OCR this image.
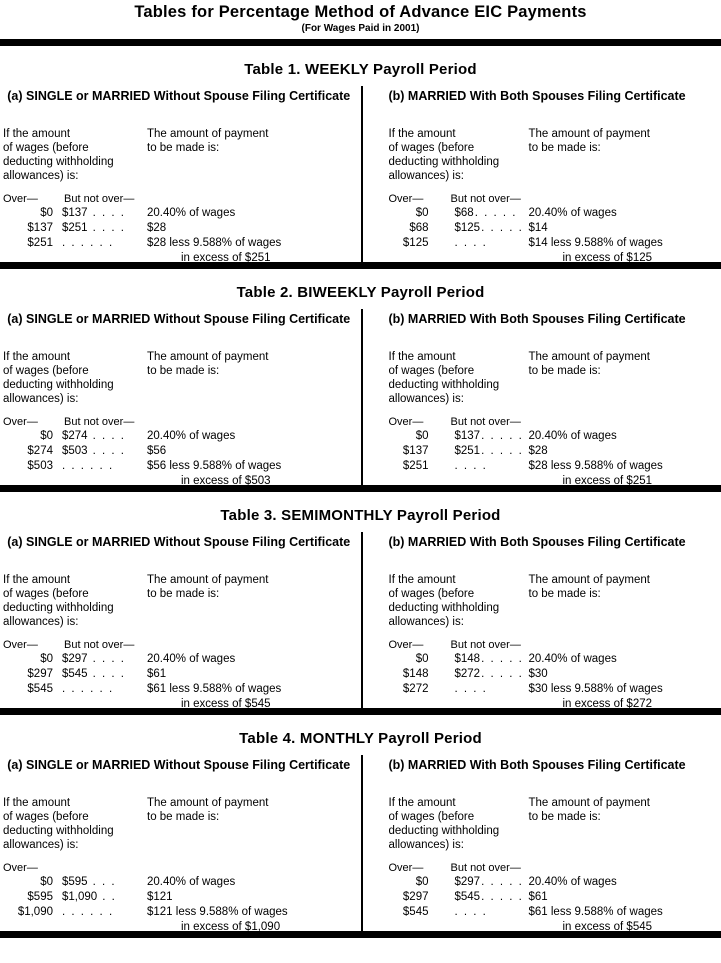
Tables for Percentage Method of Advance EIC Payments
(For Wages Paid in 2001)
Table 1. WEEKLY Payroll Period
(a) SINGLE or MARRIED Without Spouse Filing Certificate
If the amount
of wages (before
deducting withholding
allowances) is:
The amount of payment
to be made is:
Over—	But not over—
$0 $137 . . . .	20.40% of wages
$137 $251 . . . .	$28
$251 . . . . . .	$28 less 9.588% of wages
in excess of $251
(b) MARRIED With Both Spouses Filing Certificate
If the amount
of wages (before
deducting withholding
allowances) is:
The amount of payment
to be made is:
Over—	But not over—
$0 $68. . . . .	20.40% of wages
$68 $125. . . . . $14
$125 . . . .	$14 less 9.588% of wages
in excess of $125
Table 2. BIWEEKLY Payroll Period
(a) SINGLE or MARRIED Without Spouse Filing Certificate
If the amount
of wages (before
deducting withholding
allowances) is:
The amount of payment
to be made is:
Over—	But not over—
$0 $274 . . . .	20.40% of wages
$274 $503 . . . .	$56
$503 . . . . . .	$56 less 9.588% of wages
in excess of $503
(b) MARRIED With Both Spouses Filing Certificate
If the amount
of wages (before
deducting withholding
allowances) is:
The amount of payment
to be made is:
Over—	But not over—
$0 $137. . . . . 20.40% of wages
$137 $251. . . . . $28
$251 . . . .	$28 less 9.588% of wages
in excess of $251
Table 3. SEMIMONTHLY Payroll Period
(a) SINGLE or MARRIED Without Spouse Filing Certificate
If the amount
of wages (before
deducting withholding
allowances) is:
The amount of payment
to be made is:
Over—	But not over—
$0 $297 . . . .	20.40% of wages
$297 $545 . . . .	$61
$545 . . . . . .	$61 less 9.588% of wages
in excess of $545
(b) MARRIED With Both Spouses Filing Certificate
If the amount
of wages (before
deducting withholding
allowances) is:
The amount of payment
to be made is:
Over—	But not over—
$0 $148. . . . . 20.40% of wages
$148 $272. . . . . $30
$272 . . . .	$30 less 9.588% of wages
in excess of $272
Table 4. MONTHLY Payroll Period
(a) SINGLE or MARRIED Without Spouse Filing Certificate
If the amount
of wages (before
deducting withholding
allowances) is:
The amount of payment
to be made is:
Over—
$0 $595 . . .	20.40% of wages
$595 $1,090 . .	$121
$1,090 . . . . . .	$121 less 9.588% of wages
in excess of $1,090
(b) MARRIED With Both Spouses Filing Certificate
If the amount
of wages (before
deducting withholding
allowances) is:
The amount of payment
to be made is:
Over—	But not over—
$0 $297. . . . . 20.40% of wages
$297 $545. . . . . $61
$545 . . . .	$61 less 9.588% of wages
in excess of $545
